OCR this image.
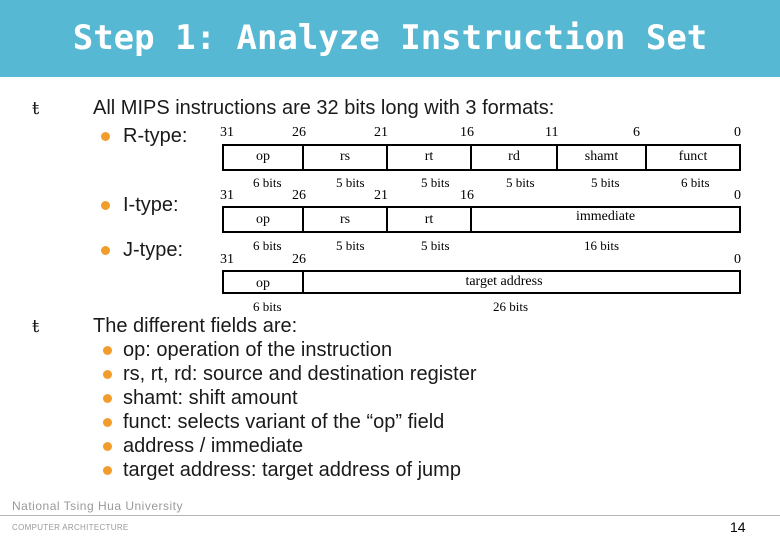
Step 1: Analyze Instruction Set
ŧ	All MIPS instructions are 32 bits long with 3 formats:
R-type:
I-type:
J-type:
31	26	21	16	11	6	0
op	rs	rt	rd	shamt	funct
6 bits	5 bits	5 bits	5 bits	5 bits	6 bits
31	26	21	16	0
op	rs	rt	immediate
6 bits	5 bits	5 bits	16 bits
31	26	0
op	target address
6 bits	26 bits
ŧ	The different fields are:
op: operation of the instruction
rs, rt, rd: source and destination register
shamt: shift amount
funct: selects variant of the “op” field
address / immediate
target address: target address of jump
National Tsing Hua University
COMPUTER ARCHITECTURE	14
